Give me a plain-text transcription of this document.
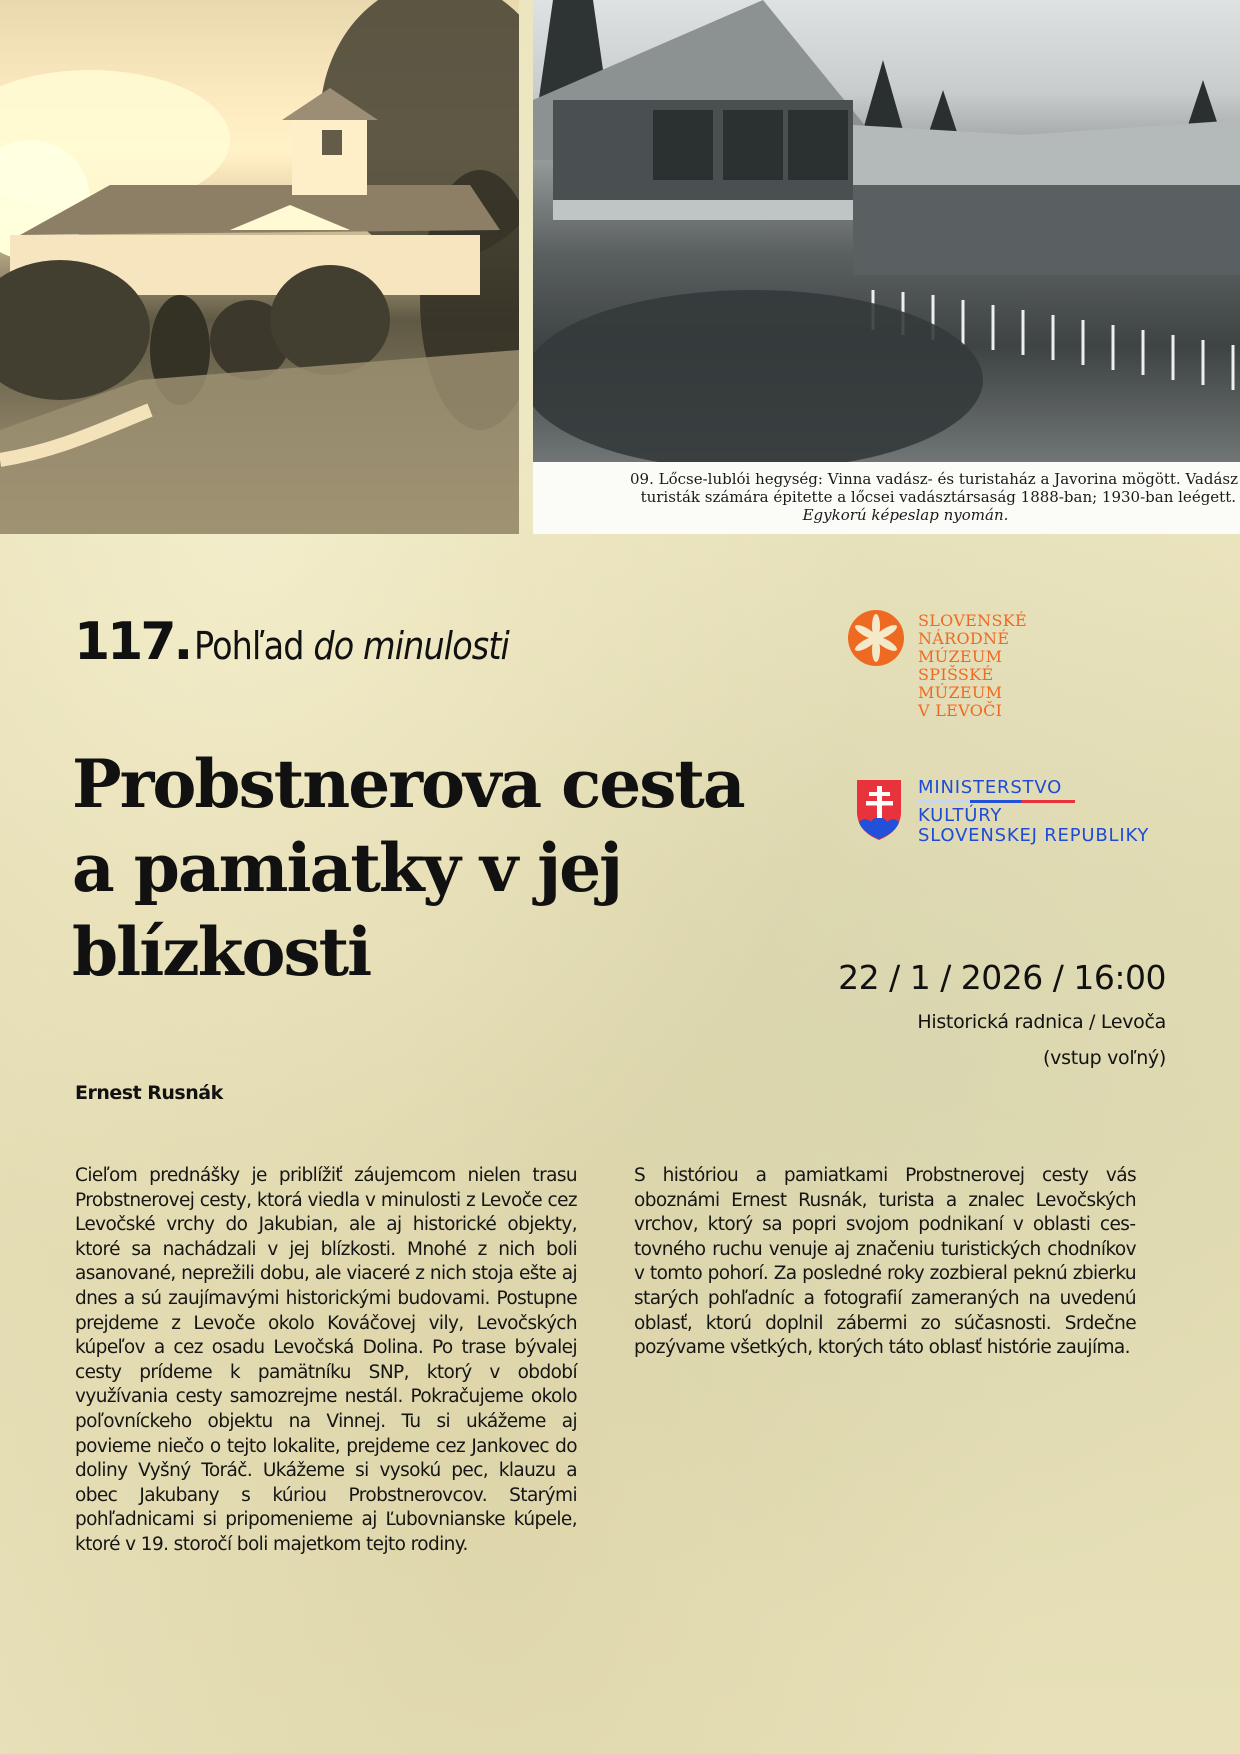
09. Lőcse-lublói hegység: Vinna vadász- és turistaház a Javorina mögött. Vadász
turisták számára épitette a lőcsei vadásztársaság 1888-ban; 1930-ban leégett.
Egykorú képeslap nyomán.
117. Pohľad do minulosti
Probstnerova cesta
a pamiatky v jej
blízkosti
SLOVENSKÉ
NÁRODNÉ
MÚZEUM
SPIŠSKÉ
MÚZEUM
V LEVOČI
MINISTERSTVO
KULTÚRY
SLOVENSKEJ REPUBLIKY
22 / 1 / 2026 / 16:00
Historická radnica / Levoča
(vstup voľný)
Ernest Rusnák

Cieľom prednášky je priblížiť záujemcom nielen trasu Probstnerovej cesty, ktorá viedla v minulosti z Levoče cez Levočské vrchy do Jakubian, ale aj historické objekty, ktoré sa nachádzali v jej blízkosti. Mnohé z nich boli asanované, neprežili dobu, ale viaceré z nich stoja ešte aj dnes a sú zaujímavými historickými budovami. Postupne prejdeme z Levoče okolo Kováčovej vily, Levočských kúpeľov a cez osadu Levočská Dolina. Po trase bývalej cesty prídeme k pamätníku SNP, ktorý v období využívania cesty samozrejme nestál. Pokračujeme okolo poľovníckeho objektu na Vinnej. Tu si ukážeme aj povieme niečo o tejto lokalite, prejdeme cez Jankovec do doliny Vyšný Toráč. Ukážeme si vysokú pec, klauzu a obec Jakubany s kúriou Probstnerovcov. Starými pohľadnicami si pripomenieme aj Ľubovnianske kúpele, ktoré v 19. storočí boli majetkom tejto rodiny.

S históriou a pamiatkami Probstnerovej cesty vás oboznámi Ernest Rusnák, turista a znalec Levočských vrchov, ktorý sa popri svojom podnikaní v oblasti cestovného ruchu venuje aj značeniu turistických chodníkov v tomto pohorí. Za posledné roky zozbieral peknú zbierku starých pohľadníc a fotografií zameraných na uvedenú oblasť, ktorú doplnil zábermi zo súčasnosti. Srdečne pozývame všetkých, ktorých táto oblasť histórie zaujíma.
